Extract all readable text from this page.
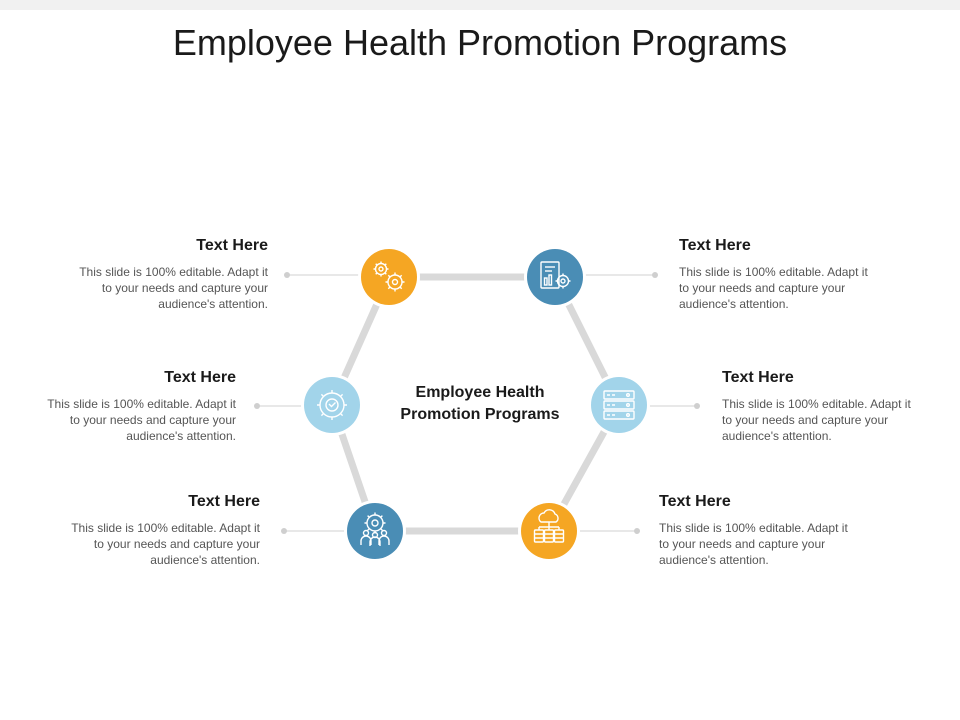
Employee Health Promotion Programs
Employee Health
Promotion Programs
Text Here
This slide is 100% editable. Adapt it to your needs and capture your audience's attention.
Text Here
This slide is 100% editable. Adapt it to your needs and capture your audience's attention.
Text Here
This slide is 100% editable. Adapt it to your needs and capture your audience's attention.
Text Here
This slide is 100% editable. Adapt it to your needs and capture your audience's attention.
Text Here
This slide is 100% editable. Adapt it to your needs and capture your audience's attention.
Text Here
This slide is 100% editable. Adapt it to your needs and capture your audience's attention.
